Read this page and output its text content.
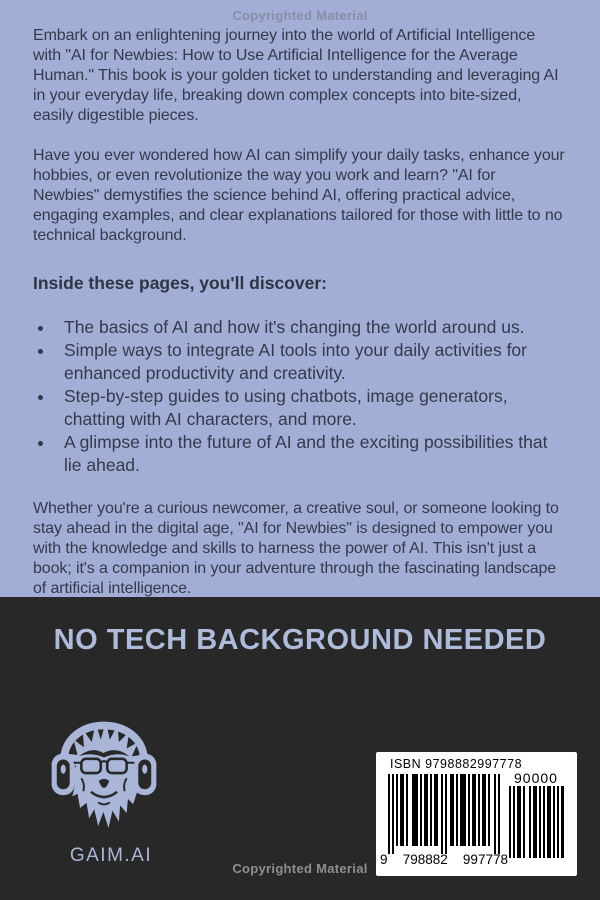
Copyrighted Material

Embark on an enlightening journey into the world of Artificial Intelligence with "AI for Newbies: How to Use Artificial Intelligence for the Average Human." This book is your golden ticket to understanding and leveraging AI in your everyday life, breaking down complex concepts into bite-sized, easily digestible pieces.

Have you ever wondered how AI can simplify your daily tasks, enhance your hobbies, or even revolutionize the way you work and learn? "AI for Newbies" demystifies the science behind AI, offering practical advice, engaging examples, and clear explanations tailored for those with little to no technical background.

Inside these pages, you'll discover:
• The basics of AI and how it's changing the world around us.
• Simple ways to integrate AI tools into your daily activities for enhanced productivity and creativity.
• Step-by-step guides to using chatbots, image generators, chatting with AI characters, and more.
• A glimpse into the future of AI and the exciting possibilities that lie ahead.

Whether you're a curious newcomer, a creative soul, or someone looking to stay ahead in the digital age, "AI for Newbies" is designed to empower you with the knowledge and skills to harness the power of AI. This isn't just a book; it's a companion in your adventure through the fascinating landscape of artificial intelligence.

NO TECH BACKGROUND NEEDED
GAIM.AI
ISBN 9798882997778
9 798882 997778
90000
Copyrighted Material
